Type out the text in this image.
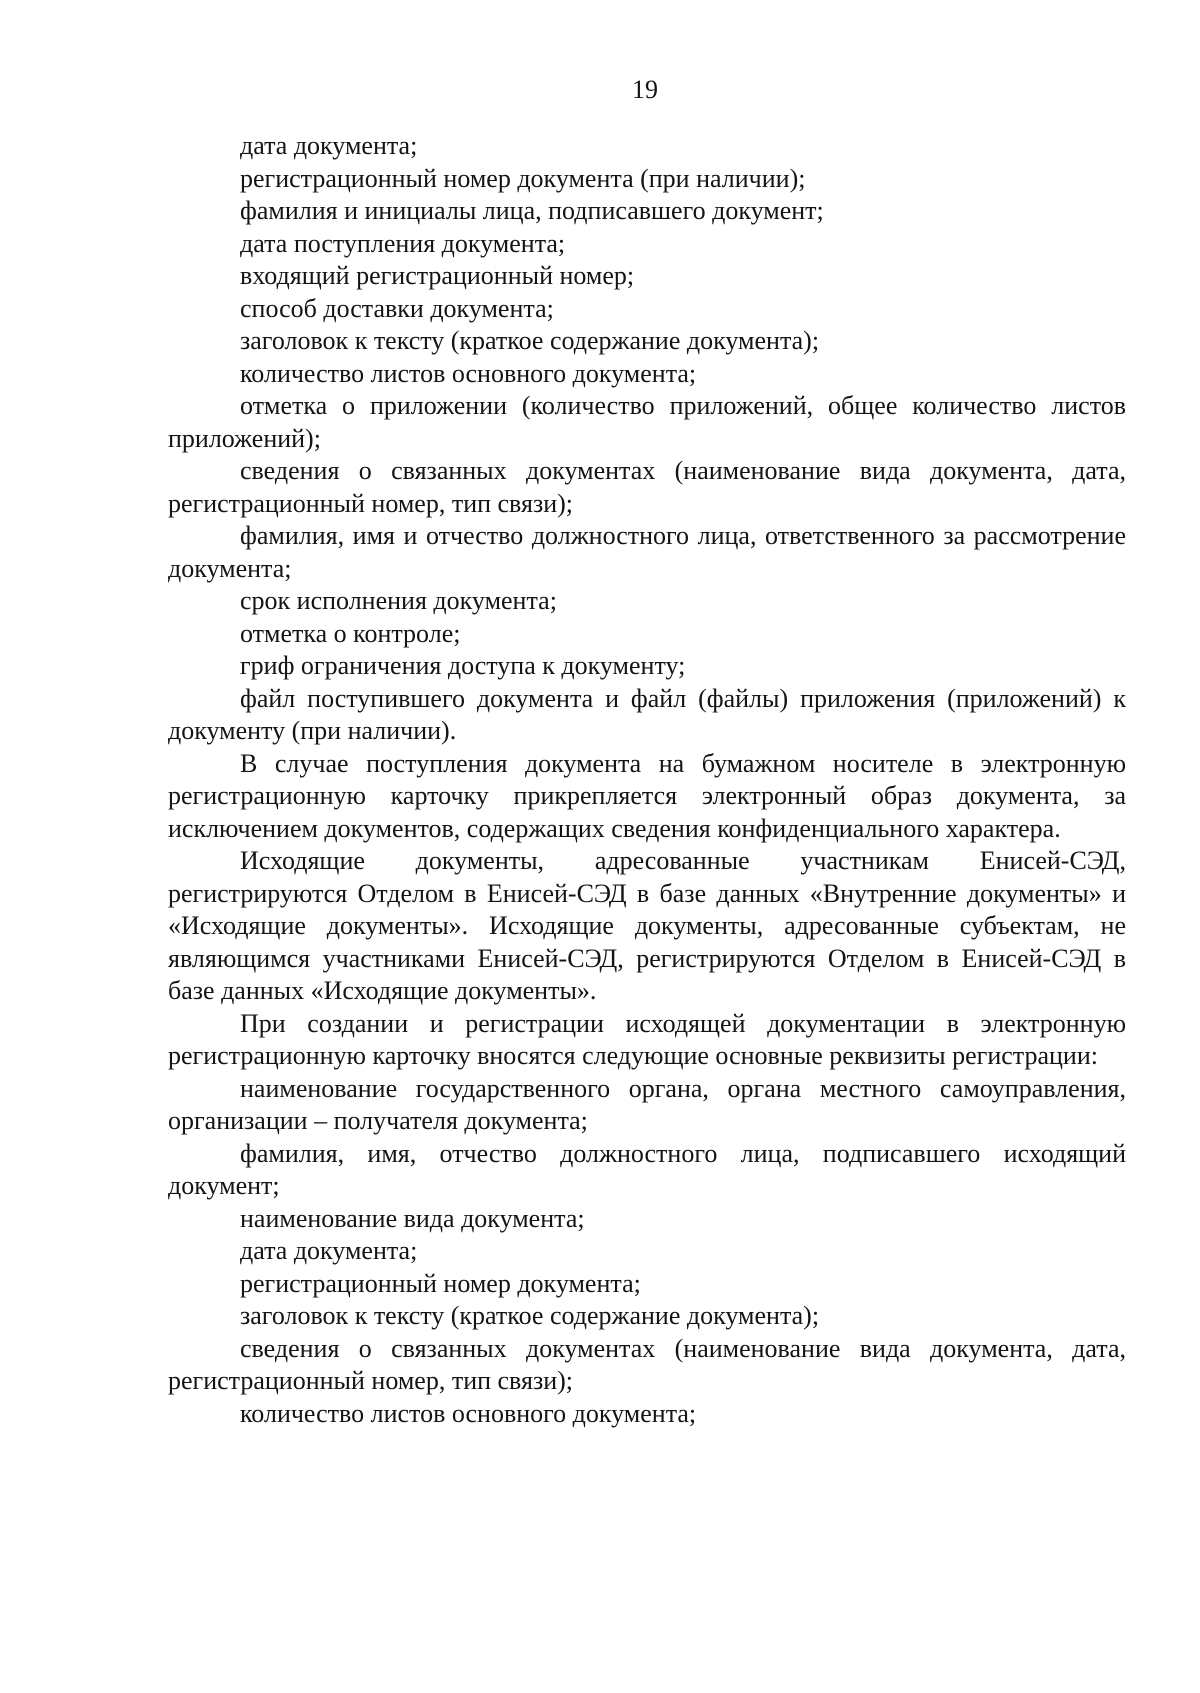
19

дата документа;

регистрационный номер документа (при наличии);

фамилия и инициалы лица, подписавшего документ;

дата поступления документа;

входящий регистрационный номер;

способ доставки документа;

заголовок к тексту (краткое содержание документа);

количество листов основного документа;

отметка о приложении (количество приложений, общее количество листов приложений);

сведения о связанных документах (наименование вида документа, дата, регистрационный номер, тип связи);

фамилия, имя и отчество должностного лица, ответственного за рассмотрение документа;

срок исполнения документа;

отметка о контроле;

гриф ограничения доступа к документу;

файл поступившего документа и файл (файлы) приложения (приложений) к документу (при наличии).

В случае поступления документа на бумажном носителе в электронную регистрационную карточку прикрепляется электронный образ документа, за исключением документов, содержащих сведения конфиденциального характера.

Исходящие документы, адресованные участникам Енисей-СЭД, регистрируются Отделом в Енисей-СЭД в базе данных «Внутренние документы» и «Исходящие документы». Исходящие документы, адресованные субъектам, не являющимся участниками Енисей-СЭД, регистрируются Отделом в Енисей-СЭД в базе данных «Исходящие документы».

При создании и регистрации исходящей документации в электронную регистрационную карточку вносятся следующие основные реквизиты регистрации:

наименование государственного органа, органа местного самоуправления, организации – получателя документа;

фамилия, имя, отчество должностного лица, подписавшего исходящий документ;

наименование вида документа;

дата документа;

регистрационный номер документа;

заголовок к тексту (краткое содержание документа);

сведения о связанных документах (наименование вида документа, дата, регистрационный номер, тип связи);

количество листов основного документа;
